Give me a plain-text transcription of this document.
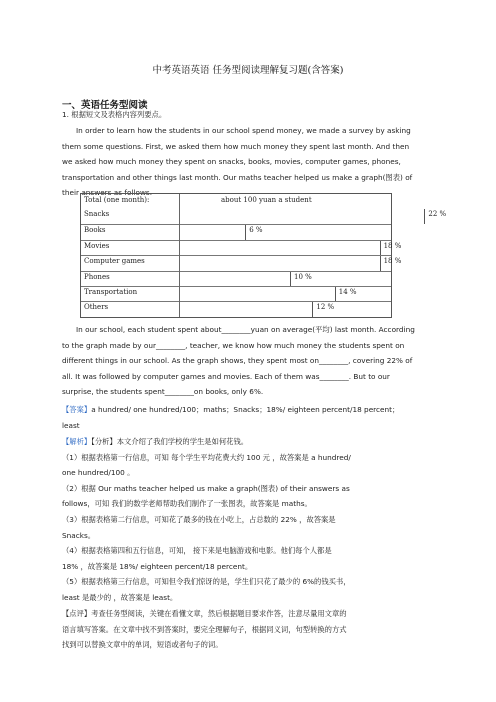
中考英语英语 任务型阅读理解复习题(含答案)
一、英语任务型阅读
1. 根据短文及表格内容列要点。
In order to learn how the students in our school spend money, we made a survey by asking
them some questions. First, we asked them how much money they spent last month. And then
we asked how much money they spent on snacks, books, movies, computer games, phones,
transportation and other things last month. Our maths teacher helped us make a graph(图表) of
their answers as follows.
Total (one month):	about 100 yuan a student
Snacks	22 %
Books	6 %
Movies	18 %
Computer games	18 %
Phones	10 %
Transportation	14 %
Others	12 %
In our school, each student spent about________yuan on average(平均) last month. According
to the graph made by our________, teacher, we know how much money the students spent on
different things in our school. As the graph shows, they spent most on________, covering 22% of
all. It was followed by computer games and movies. Each of them was________. But to our
surprise, the students spent________on books, only 6%.
【答案】a hundred/ one hundred/100；maths；Snacks；18%/ eighteen percent/18 percent；
least
【解析】【分析】本文介绍了我们学校的学生是如何花钱。
（1）根据表格第一行信息，可知 每个学生平均花费大约 100 元 ，故答案是 a hundred/
one hundred/100 。
（2）根据 Our maths teacher helped us make a graph(图表) of their answers as
follows，可知 我们的数学老师帮助我们制作了一张图表，故答案是 maths。
（3）根据表格第二行信息，可知花了最多的钱在小吃上，占总数的 22% ，故答案是
Snacks。
（4）根据表格第四和五行信息，可知， 接下来是电脑游戏和电影。他们每个人都是
18% ，故答案是 18%/ eighteen percent/18 percent。
（5）根据表格第三行信息，可知但令我们惊讶的是，学生们只花了最少的 6%的钱买书，
least 是最少的 ，故答案是 least。
【点评】考查任务型阅读，关键在看懂文章，然后根据题目要求作答，注意尽量用文章的
语言填写答案。在文章中找不到答案时，要完全理解句子，根据同义词，句型转换的方式
找到可以替换文章中的单词，短语或者句子的词。
